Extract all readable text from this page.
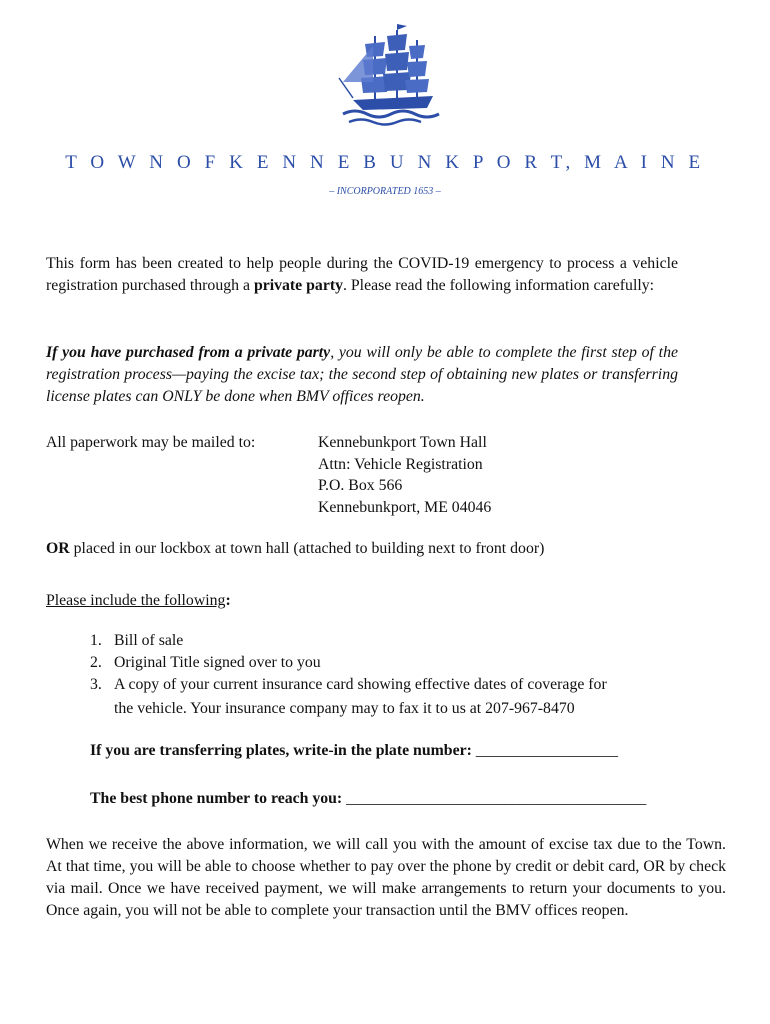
T O W N O F K E N N E B U N K P O R T, M A I N E
– INCORPORATED 1653 –
This form has been created to help people during the COVID-19 emergency to process a vehicle registration purchased through a private party. Please read the following information carefully:
If you have purchased from a private party, you will only be able to complete the first step of the registration process—paying the excise tax; the second step of obtaining new plates or transferring license plates can ONLY be done when BMV offices reopen.
All paperwork may be mailed to:	Kennebunkport Town Hall
Attn: Vehicle Registration
P.O. Box 566
Kennebunkport, ME 04046
OR placed in our lockbox at town hall (attached to building next to front door)
Please include the following:
1. Bill of sale
2. Original Title signed over to you
3. A copy of your current insurance card showing effective dates of coverage for
the vehicle. Your insurance company may to fax it to us at 207-967-8470
If you are transferring plates, write-in the plate number: __________________
The best phone number to reach you: ______________________________________
When we receive the above information, we will call you with the amount of excise tax due to the Town. At that time, you will be able to choose whether to pay over the phone by credit or debit card, OR by check via mail. Once we have received payment, we will make arrangements to return your documents to you. Once again, you will not be able to complete your transaction until the BMV offices reopen.
